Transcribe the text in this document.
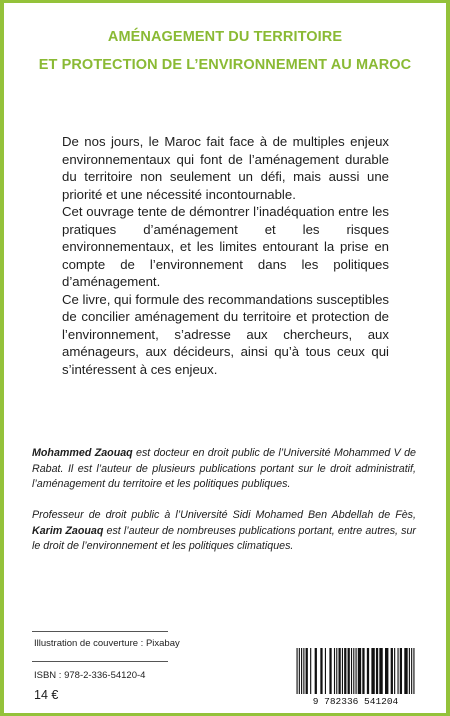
AMÉNAGEMENT DU TERRITOIRE
ET PROTECTION DE L’ENVIRONNEMENT AU MAROC

De nos jours, le Maroc fait face à de multiples enjeux environnementaux qui font de l’aménagement durable du territoire non seulement un défi, mais aussi une priorité et une nécessité incontournable.

Cet ouvrage tente de démontrer l’inadéquation entre les pratiques d’aménagement et les risques environnementaux, et les limites entourant la prise en compte de l’environnement dans les politiques d’aménagement.

Ce livre, qui formule des recommandations susceptibles de concilier aménagement du territoire et protection de l’environnement, s’adresse aux chercheurs, aux aménageurs, aux décideurs, ainsi qu’à tous ceux qui s’intéressent à ces enjeux.

Mohammed Zaouaq est docteur en droit public de l’Université Mohammed V de Rabat. Il est l’auteur de plusieurs publications portant sur le droit administratif, l’aménagement du territoire et les politiques publiques.

Professeur de droit public à l’Université Sidi Mohamed Ben Abdellah de Fès, Karim Zaouaq est l’auteur de nombreuses publications portant, entre autres, sur le droit de l’environnement et les politiques climatiques.

Illustration de couverture : Pixabay
ISBN : 978-2-336-54120-4
14 €	9 782336 541204
